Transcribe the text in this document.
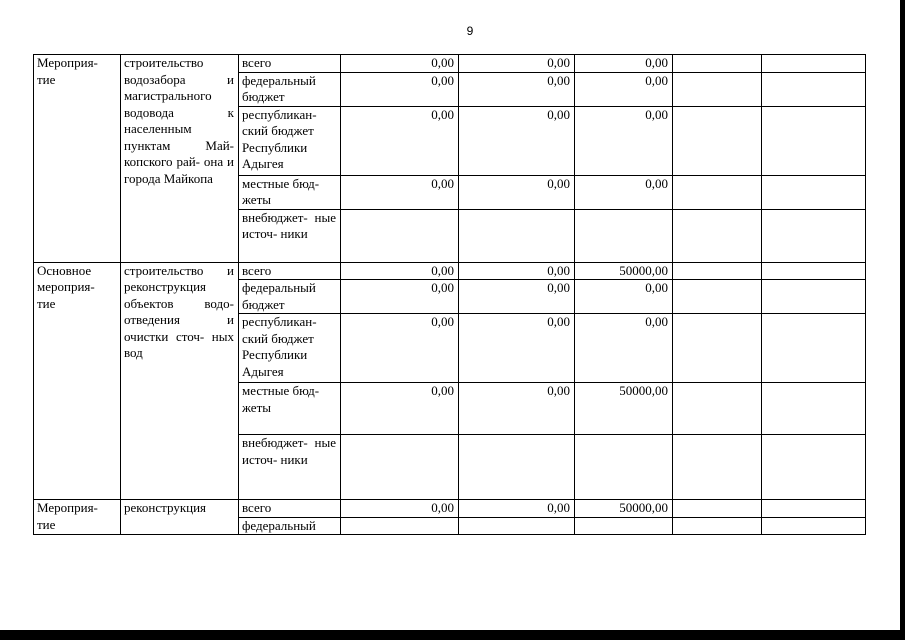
9
Мероприя- тие	строительство водозабора и магистрального водовода к населенным пунктам Май- копского рай- она и города Майкопа	всего	0,00	0,00	0,00		
		федеральный бюджет	0,00	0,00	0,00		
		республикан- ский бюджет Республики Адыгея	0,00	0,00	0,00		
		местные бюд- жеты	0,00	0,00	0,00		
		внебюджет- ные источ- ники					
Основное мероприя- тие	строительство и реконструкция объектов водо- отведения и очистки сточ- ных вод	всего	0,00	0,00	50000,00		
		федеральный бюджет	0,00	0,00	0,00		
		республикан- ский бюджет Республики Адыгея	0,00	0,00	0,00		
		местные бюд- жеты	0,00	0,00	50000,00		
		внебюджет- ные источ- ники					
Мероприя- тие	реконструкция	всего	0,00	0,00	50000,00		
		федеральный					
